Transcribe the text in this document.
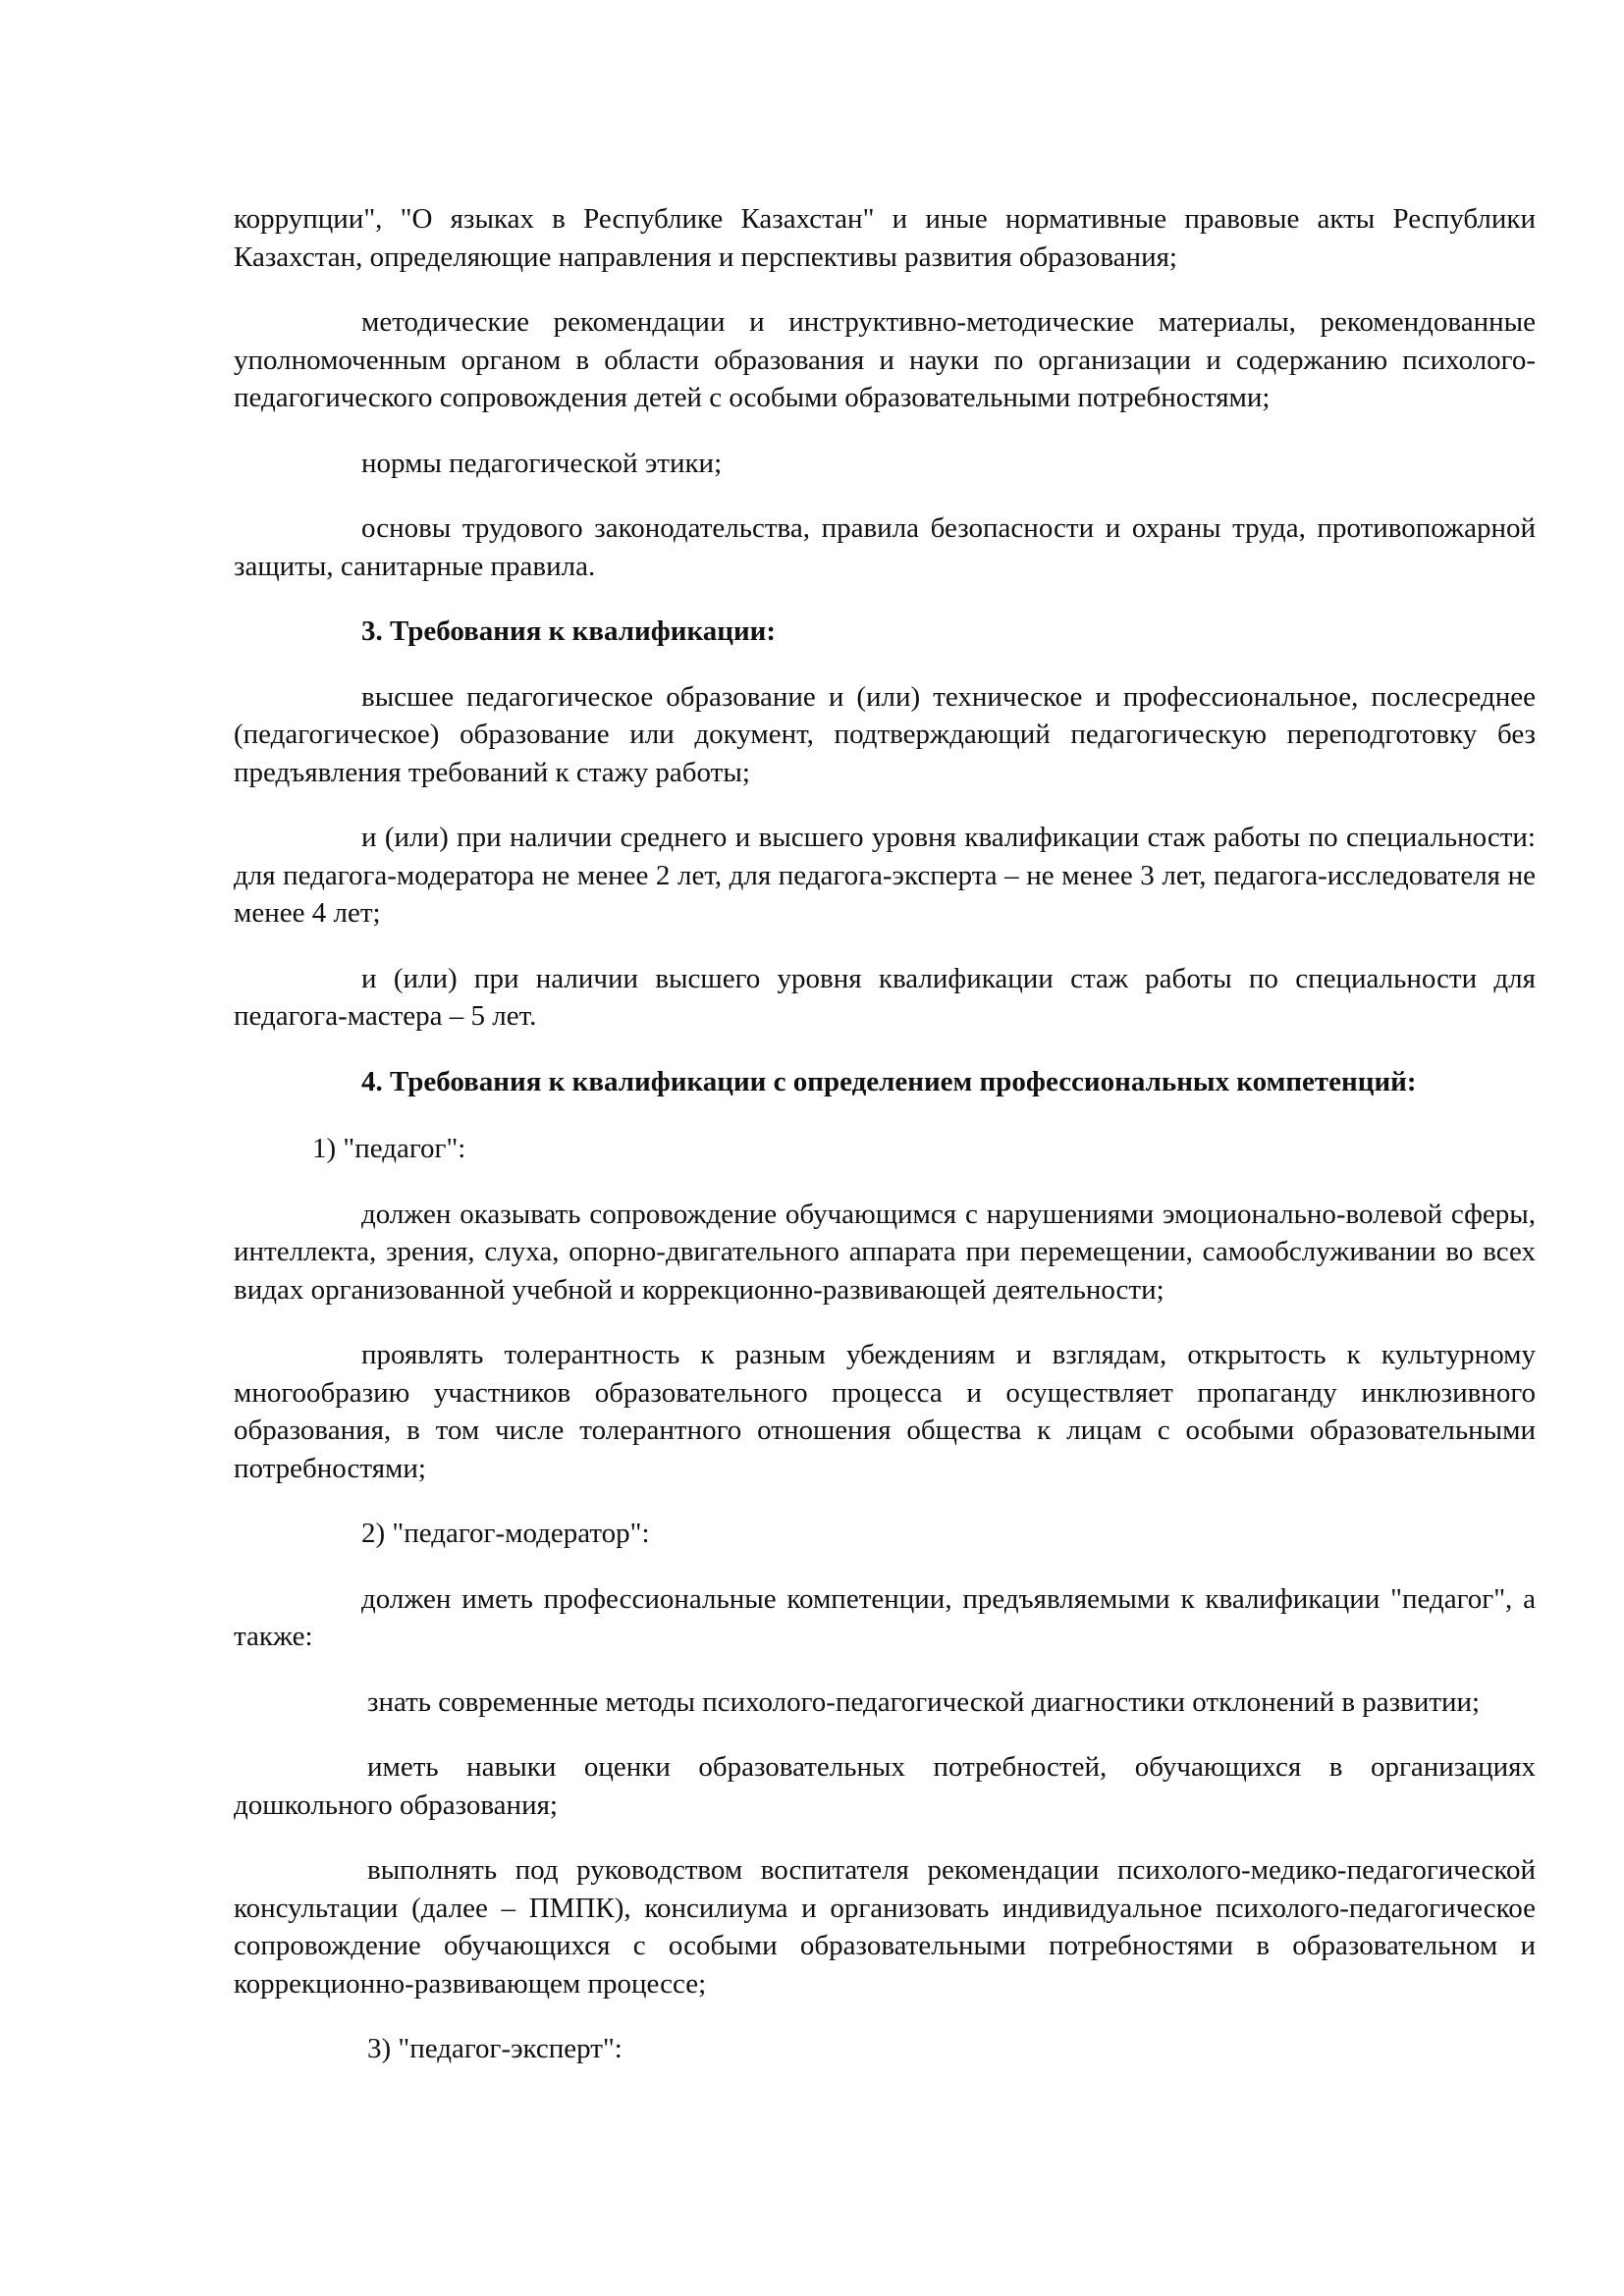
коррупции", "О языках в Республике Казахстан" и иные нормативные правовые акты Республики Казахстан, определяющие направления и перспективы развития образования;

методические рекомендации и инструктивно-методические материалы, рекомендованные уполномоченным органом в области образования и науки по организации и содержанию психолого-педагогического сопровождения детей с особыми образовательными потребностями;

нормы педагогической этики;

основы трудового законодательства, правила безопасности и охраны труда, противопожарной защиты, санитарные правила.

3. Требования к квалификации:

высшее педагогическое образование и (или) техническое и профессиональное, послесреднее (педагогическое) образование или документ, подтверждающий педагогическую переподготовку без предъявления требований к стажу работы;

и (или) при наличии среднего и высшего уровня квалификации стаж работы по специальности: для педагога-модератора не менее 2 лет, для педагога-эксперта – не менее 3 лет, педагога-исследователя не менее 4 лет;

и (или) при наличии высшего уровня квалификации стаж работы по специальности для педагога-мастера – 5 лет.

4. Требования к квалификации с определением профессиональных компетенций:

1) "педагог":

должен оказывать сопровождение обучающимся с нарушениями эмоционально-волевой сферы, интеллекта, зрения, слуха, опорно-двигательного аппарата при перемещении, самообслуживании во всех видах организованной учебной и коррекционно-развивающей деятельности;

проявлять толерантность к разным убеждениям и взглядам, открытость к культурному многообразию участников образовательного процесса и осуществляет пропаганду инклюзивного образования, в том числе толерантного отношения общества к лицам с особыми образовательными потребностями;

2) "педагог-модератор":

должен иметь профессиональные компетенции, предъявляемыми к квалификации "педагог", а также:

знать современные методы психолого-педагогической диагностики отклонений в развитии;

иметь навыки оценки образовательных потребностей, обучающихся в организациях дошкольного образования;

выполнять под руководством воспитателя рекомендации психолого-медико-педагогической консультации (далее – ПМПК), консилиума и организовать индивидуальное психолого-педагогическое сопровождение обучающихся с особыми образовательными потребностями в образовательном и коррекционно-развивающем процессе;

3) "педагог-эксперт":
